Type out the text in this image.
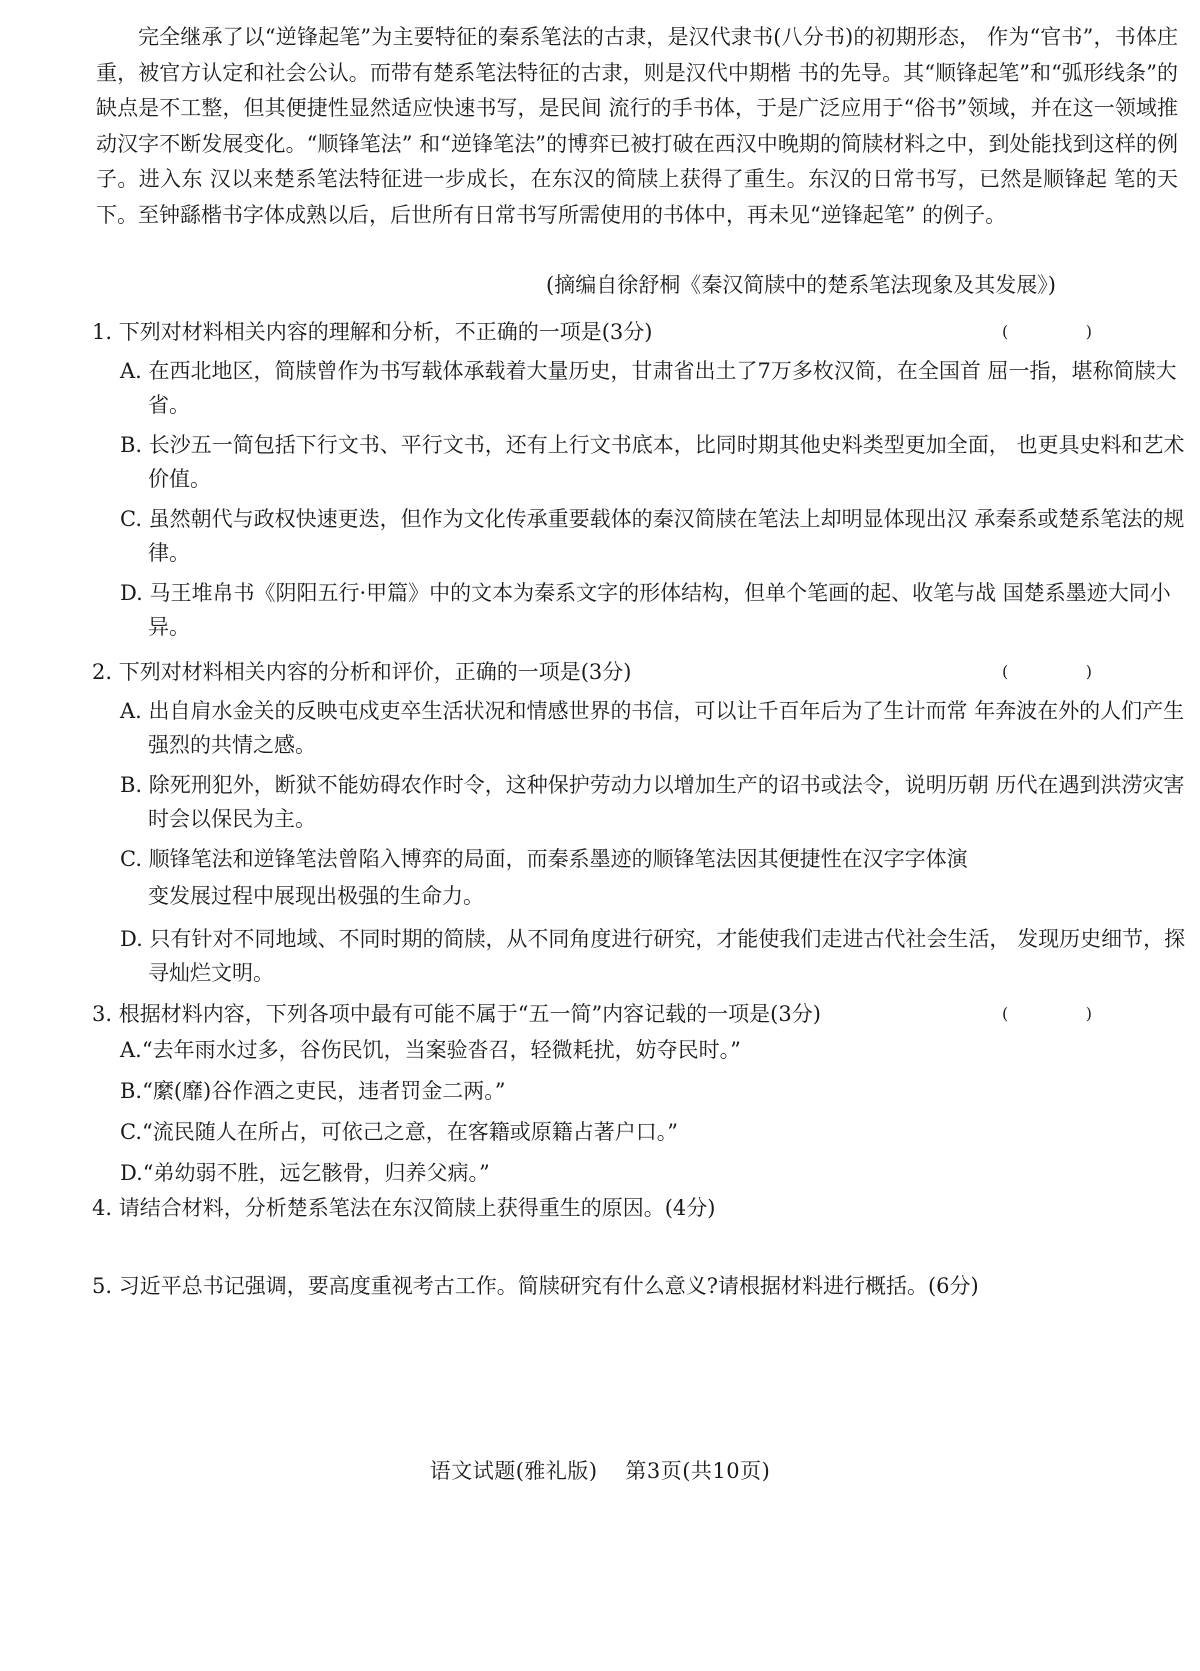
完全继承了以“逆锋起笔”为主要特征的秦系笔法的古隶，是汉代隶书(八分书)的初期形态， 作为“官书”，书体庄重，被官方认定和社会公认。而带有楚系笔法特征的古隶，则是汉代中期楷 书的先导。其“顺锋起笔”和“弧形线条”的缺点是不工整，但其便捷性显然适应快速书写，是民间 流行的手书体，于是广泛应用于“俗书”领域，并在这一领域推动汉字不断发展变化。“顺锋笔法” 和“逆锋笔法”的博弈已被打破在西汉中晚期的简牍材料之中，到处能找到这样的例子。进入东 汉以来楚系笔法特征进一步成长，在东汉的简牍上获得了重生。东汉的日常书写，已然是顺锋起 笔的天下。至钟繇楷书字体成熟以后，后世所有日常书写所需使用的书体中，再未见“逆锋起笔” 的例子。

(摘编自徐舒桐《秦汉简牍中的楚系笔法现象及其发展》)
1. 下列对材料相关内容的理解和分析，不正确的一项是(3分)	(	)
A. 在西北地区，简牍曾作为书写载体承载着大量历史，甘肃省出土了7万多枚汉简，在全国首 屈一指，堪称简牍大省。
B. 长沙五一简包括下行文书、平行文书，还有上行文书底本，比同时期其他史料类型更加全面， 也更具史料和艺术价值。
C. 虽然朝代与政权快速更迭，但作为文化传承重要载体的秦汉简牍在笔法上却明显体现出汉 承秦系或楚系笔法的规律。
D. 马王堆帛书《阴阳五行·甲篇》中的文本为秦系文字的形体结构，但单个笔画的起、收笔与战 国楚系墨迹大同小异。
2. 下列对材料相关内容的分析和评价，正确的一项是(3分)	(	)
A. 出自肩水金关的反映屯戍吏卒生活状况和情感世界的书信，可以让千百年后为了生计而常 年奔波在外的人们产生强烈的共情之感。
B. 除死刑犯外，断狱不能妨碍农作时令，这种保护劳动力以增加生产的诏书或法令，说明历朝 历代在遇到洪涝灾害时会以保民为主。
C. 顺锋笔法和逆锋笔法曾陷入博弈的局面，而秦系墨迹的顺锋笔法因其便捷性在汉字字体演
变发展过程中展现出极强的生命力。
D. 只有针对不同地域、不同时期的简牍，从不同角度进行研究，才能使我们走进古代社会生活， 发现历史细节，探寻灿烂文明。
3. 根据材料内容，下列各项中最有可能不属于“五一简”内容记载的一项是(3分)	(	)
A.“去年雨水过多，谷伤民饥，当案验沓召，轻微耗扰，妨夺民时。”
B.“縻(靡)谷作酒之吏民，违者罚金二两。”
C.“流民随人在所占，可依己之意，在客籍或原籍占著户口。”
D.“弟幼弱不胜，远乞骸骨，归养父病。”
4. 请结合材料，分析楚系笔法在东汉简牍上获得重生的原因。(4分)
5. 习近平总书记强调，要高度重视考古工作。简牍研究有什么意义?请根据材料进行概括。(6分)
语文试题(雅礼版) 第3页(共10页)
